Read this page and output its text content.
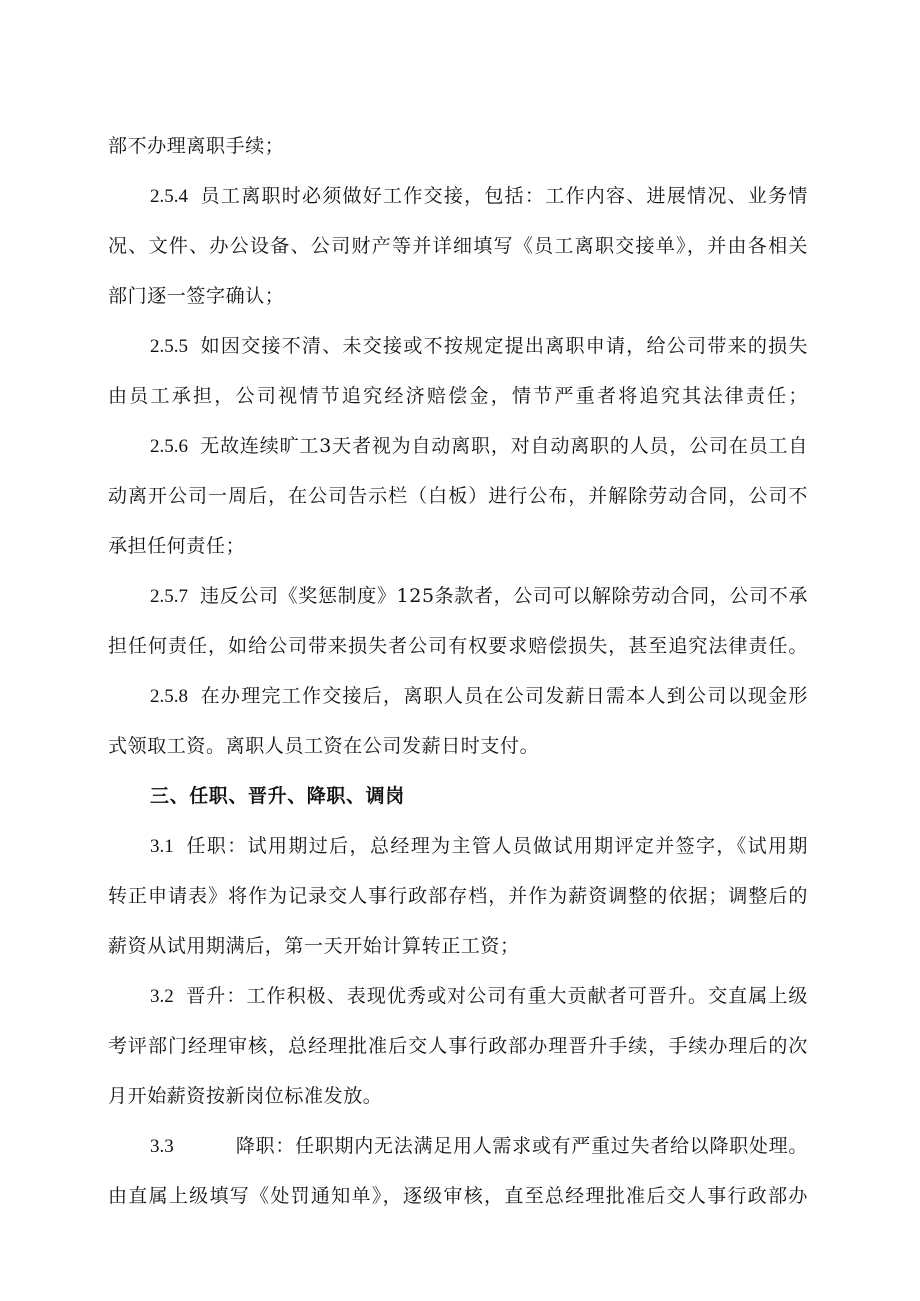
部不办理离职手续；
2.5.4 员工离职时必须做好工作交接，包括：工作内容、进展情况、业务情
况、文件、办公设备、公司财产等并详细填写《员工离职交接单》，并由各相关
部门逐一签字确认；
2.5.5 如因交接不清、未交接或不按规定提出离职申请，给公司带来的损失
由员工承担，公司视情节追究经济赔偿金，情节严重者将追究其法律责任；
2.5.6 无故连续旷工3天者视为自动离职，对自动离职的人员，公司在员工自
动离开公司一周后，在公司告示栏（白板）进行公布，并解除劳动合同，公司不
承担任何责任；
2.5.7 违反公司《奖惩制度》125条款者，公司可以解除劳动合同，公司不承
担任何责任，如给公司带来损失者公司有权要求赔偿损失，甚至追究法律责任。
2.5.8 在办理完工作交接后，离职人员在公司发薪日需本人到公司以现金形
式领取工资。离职人员工资在公司发薪日时支付。
三、任职、晋升、降职、调岗
3.1 任职：试用期过后，总经理为主管人员做试用期评定并签字，《试用期
转正申请表》将作为记录交人事行政部存档，并作为薪资调整的依据；调整后的
薪资从试用期满后，第一天开始计算转正工资；
3.2 晋升：工作积极、表现优秀或对公司有重大贡献者可晋升。交直属上级
考评部门经理审核，总经理批准后交人事行政部办理晋升手续，手续办理后的次
月开始薪资按新岗位标准发放。
3.3	降职：任职期内无法满足用人需求或有严重过失者给以降职处理。
由直属上级填写《处罚通知单》，逐级审核，直至总经理批准后交人事行政部办
